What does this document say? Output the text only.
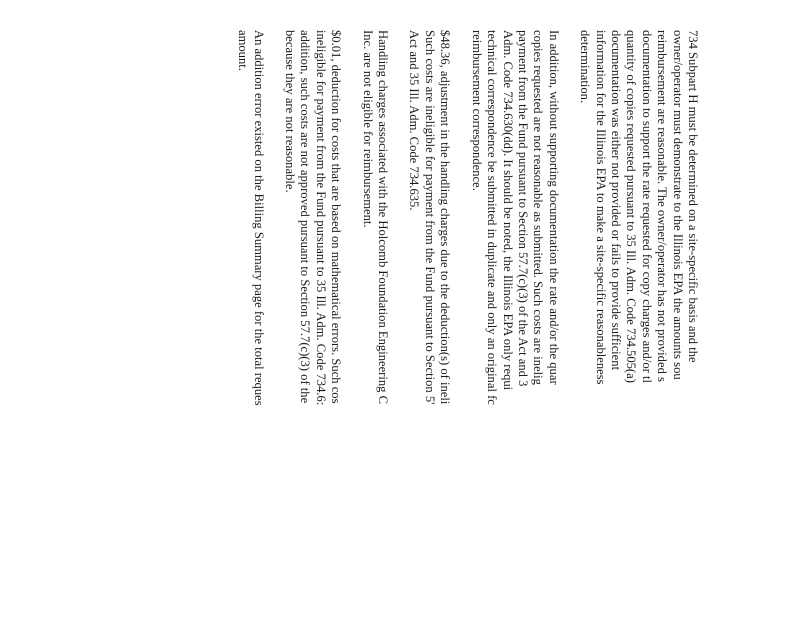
734 Subpart H must be determined on a site-specific basis and the
owner/operator must demonstrate to the Illinois EPA the amounts sou
reimbursement are reasonable. The owner/operator has not provided s
documentation to support the rate requested for copy charges and/or tl
quantity of copies requested pursuant to 35 Ill. Adm. Code 734.505(a)
documentation was either not provided or fails to provide sufficient
information for the Illinois EPA to make a site-specific reasonableness
determination.
In addition, without supporting documentation the rate and/or the quar
copies requested are not reasonable as submitted. Such costs are inelig
payment from the Fund pursuant to Section 57.7(c)(3) of the Act and 3
Adm. Code 734.630(dd). It should be noted, the Illinois EPA only requi
technical correspondence be submitted in duplicate and only an original fc
reimbursement correspondence.
$48.36, adjustment in the handling charges due to the deduction(s) of ineli
Such costs are ineligible for payment from the Fund pursuant to Section 5'
Act and 35 Ill. Adm. Code 734.635.
Handling charges associated with the Holcomb Foundation Engineering C
Inc. are not eligible for reimbursement.
$0.01, deduction for costs that are based on mathematical errors. Such cos
ineligible for payment from the Fund pursuant to 35 Ill. Adm. Code 734.6:
addition, such costs are not approved pursuant to Section 57.7(c)(3) of the
because they are not reasonable.
An addition error existed on the Billing Summary page for the total reques
amount.
